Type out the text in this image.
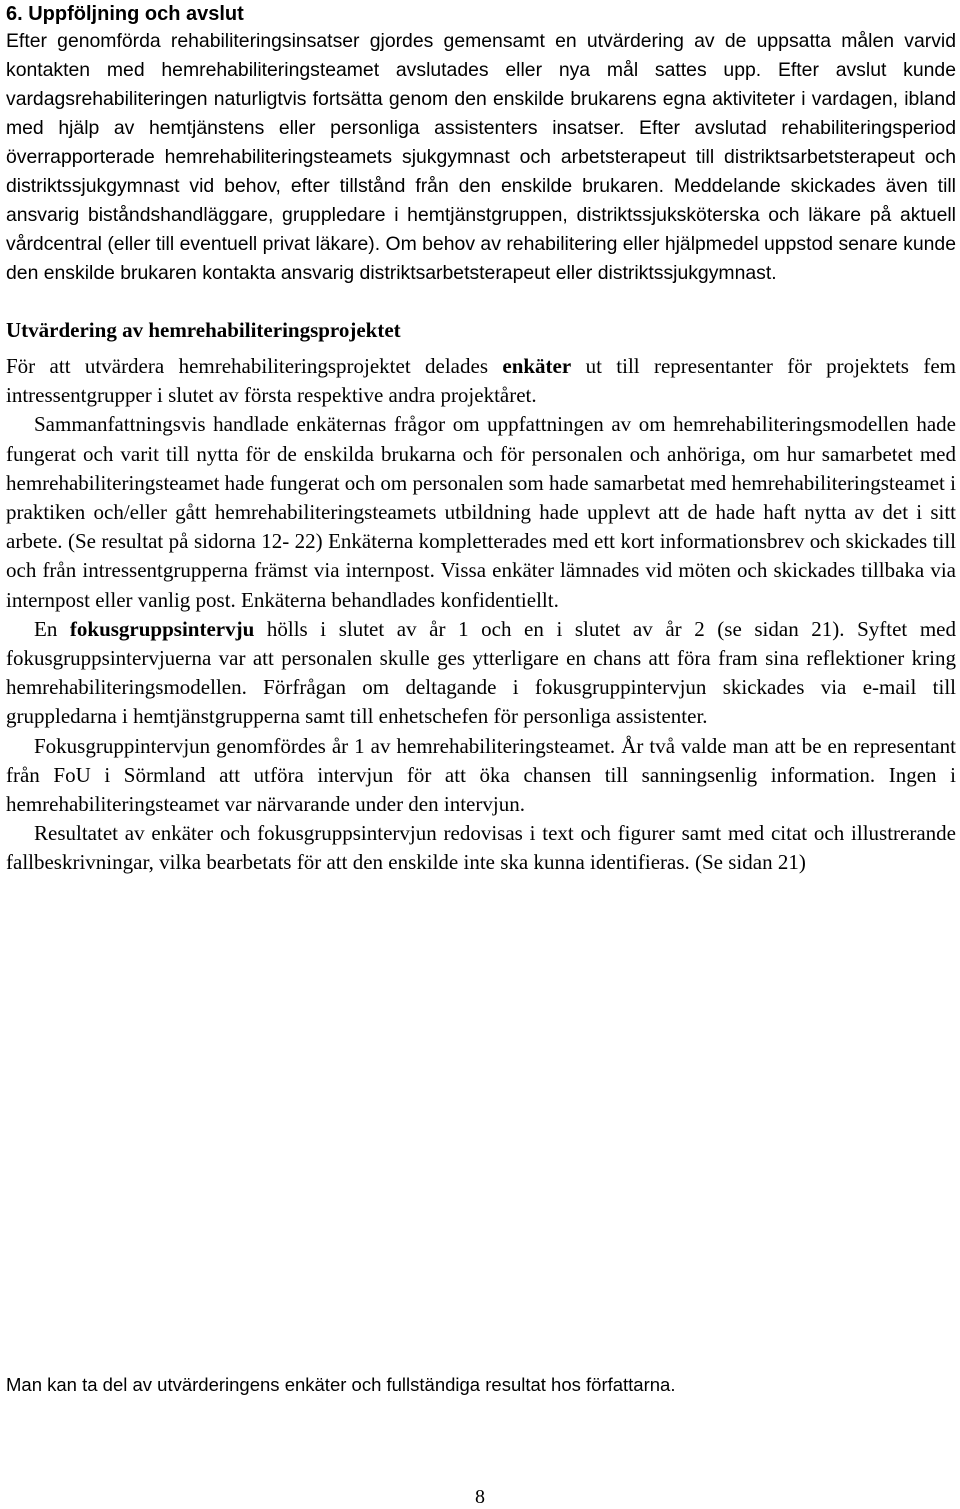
6. Uppföljning och avslut

Efter genomförda rehabiliteringsinsatser gjordes gemensamt en utvärdering av de uppsatta målen varvid kontakten med hemrehabiliteringsteamet avslutades eller nya mål sattes upp. Efter avslut kunde vardagsrehabiliteringen naturligtvis fortsätta genom den enskilde brukarens egna aktiviteter i vardagen, ibland med hjälp av hemtjänstens eller personliga assistenters insatser. Efter avslutad rehabiliteringsperiod överrapporterade hemrehabiliteringsteamets sjukgymnast och arbetsterapeut till distriktsarbetsterapeut och distriktssjukgymnast vid behov, efter tillstånd från den enskilde brukaren. Meddelande skickades även till ansvarig biståndshandläggare, gruppledare i hemtjänstgruppen, distriktssjuksköterska och läkare på aktuell vårdcentral (eller till eventuell privat läkare). Om behov av rehabilitering eller hjälpmedel uppstod senare kunde den enskilde brukaren kontakta ansvarig distriktsarbetsterapeut eller distriktssjukgymnast.

Utvärdering av hemrehabiliteringsprojektet

För att utvärdera hemrehabiliteringsprojektet delades enkäter ut till representanter för projektets fem intressentgrupper i slutet av första respektive andra projektåret.

Sammanfattningsvis handlade enkäternas frågor om uppfattningen av om hemrehabiliteringsmodellen hade fungerat och varit till nytta för de enskilda brukarna och för personalen och anhöriga, om hur samarbetet med hemrehabiliteringsteamet hade fungerat och om personalen som hade samarbetat med hemrehabiliteringsteamet i praktiken och/eller gått hemrehabiliteringsteamets utbildning hade upplevt att de hade haft nytta av det i sitt arbete. (Se resultat på sidorna 12- 22) Enkäterna kompletterades med ett kort informationsbrev och skickades till och från intressentgrupperna främst via internpost. Vissa enkäter lämnades vid möten och skickades tillbaka via internpost eller vanlig post. Enkäterna behandlades konfidentiellt.

En fokusgruppsintervju hölls i slutet av år 1 och en i slutet av år 2 (se sidan 21). Syftet med fokusgruppsintervjuerna var att personalen skulle ges ytterligare en chans att föra fram sina reflektioner kring hemrehabiliteringsmodellen. Förfrågan om deltagande i fokusgruppintervjun skickades via e-mail till gruppledarna i hemtjänstgrupperna samt till enhetschefen för personliga assistenter.

Fokusgruppintervjun genomfördes år 1 av hemrehabiliteringsteamet. År två valde man att be en representant från FoU i Sörmland att utföra intervjun för att öka chansen till sanningsenlig information. Ingen i hemrehabiliteringsteamet var närvarande under den intervjun.

Resultatet av enkäter och fokusgruppsintervjun redovisas i text och figurer samt med citat och illustrerande fallbeskrivningar, vilka bearbetats för att den enskilde inte ska kunna identifieras. (Se sidan 21)

Man kan ta del av utvärderingens enkäter och fullständiga resultat hos författarna.

8
